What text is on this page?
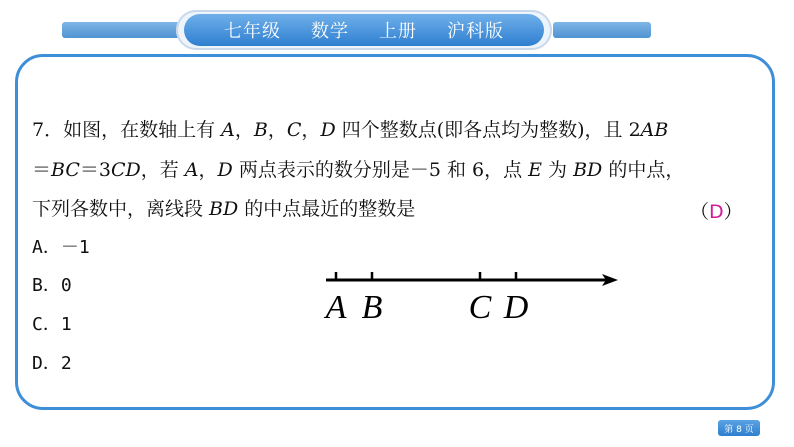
七年级 数学 上册 沪科版
7．如图，在数轴上有 A，B，C，D 四个整数点(即各点均为整数)，且 2AB
＝BC＝3CD，若 A，D 两点表示的数分别是－5 和 6，点 E 为 BD 的中点，
下列各数中，离线段 BD 的中点最近的整数是	（D）
A．－1
B．0
C．1
D．2
A B	C D
第 8 页
